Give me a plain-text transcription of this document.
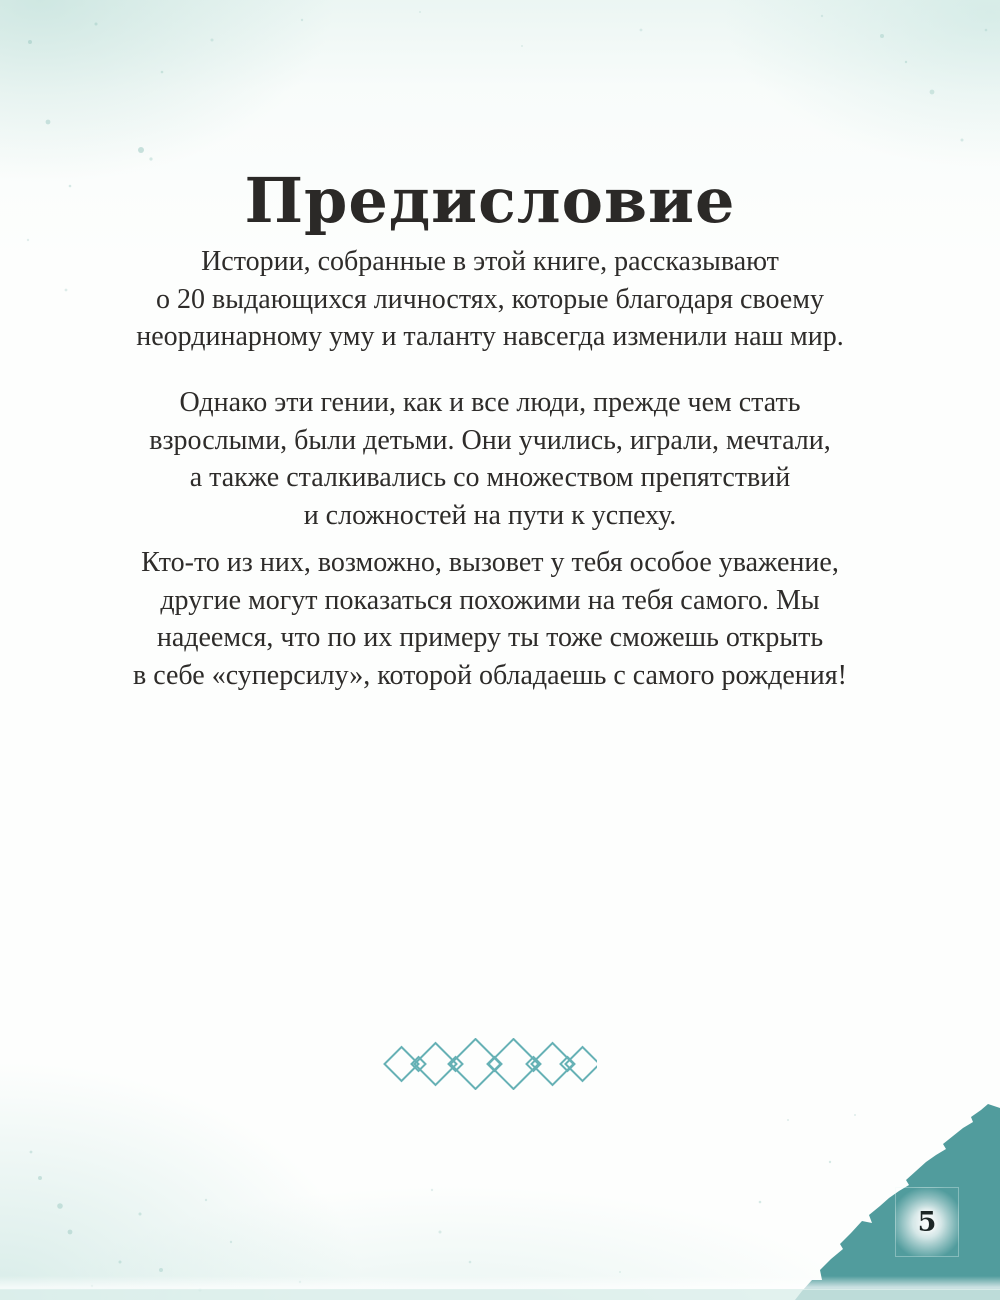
Предисловие
Истории, собранные в этой книге, рассказывают
о 20 выдающихся личностях, которые благодаря своему
неординарному уму и таланту навсегда изменили наш мир.
Однако эти гении, как и все люди, прежде чем стать
взрослыми, были детьми. Они учились, играли, мечтали,
а также сталкивались со множеством препятствий
и сложностей на пути к успеху.
Кто-то из них, возможно, вызовет у тебя особое уважение,
другие могут показаться похожими на тебя самого. Мы
надеемся, что по их примеру ты тоже сможешь открыть
в себе «суперсилу», которой обладаешь с самого рождения!
5
